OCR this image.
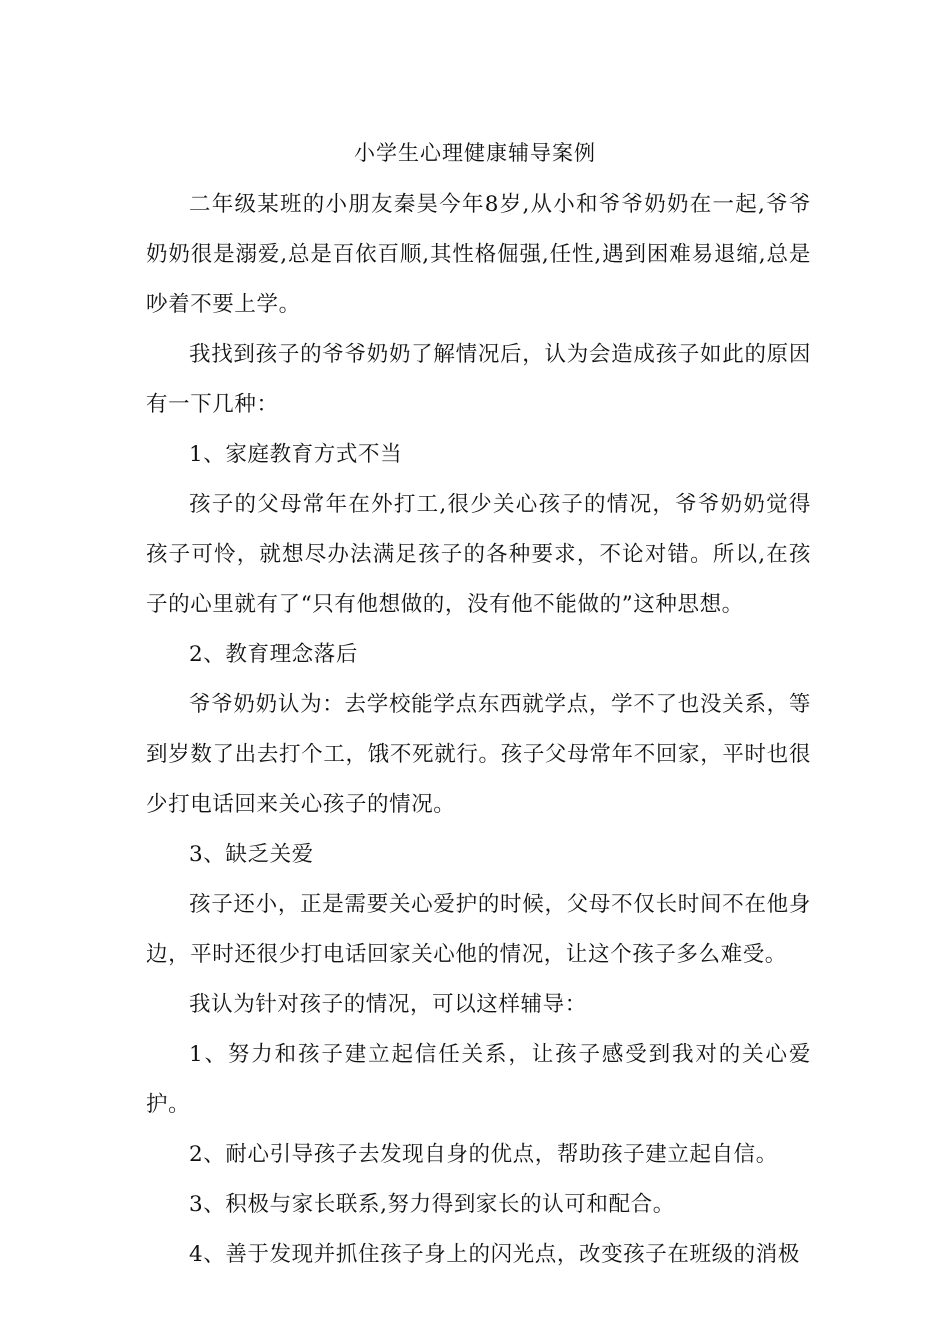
小学生心理健康辅导案例

二年级某班的小朋友秦昊今年8岁,从小和爷爷奶奶在一起,爷爷奶奶很是溺爱,总是百依百顺,其性格倔强,任性,遇到困难易退缩,总是吵着不要上学。

我找到孩子的爷爷奶奶了解情况后，认为会造成孩子如此的原因有一下几种：

1、家庭教育方式不当

孩子的父母常年在外打工,很少关心孩子的情况，爷爷奶奶觉得孩子可怜，就想尽办法满足孩子的各种要求，不论对错。所以,在孩子的心里就有了“只有他想做的，没有他不能做的”这种思想。

2、教育理念落后

爷爷奶奶认为：去学校能学点东西就学点，学不了也没关系，等到岁数了出去打个工，饿不死就行。孩子父母常年不回家，平时也很少打电话回来关心孩子的情况。

3、缺乏关爱

孩子还小，正是需要关心爱护的时候，父母不仅长时间不在他身边，平时还很少打电话回家关心他的情况，让这个孩子多么难受。

我认为针对孩子的情况，可以这样辅导：

1、努力和孩子建立起信任关系，让孩子感受到我对的关心爱护。

2、耐心引导孩子去发现自身的优点，帮助孩子建立起自信。

3、积极与家长联系,努力得到家长的认可和配合。

4、善于发现并抓住孩子身上的闪光点，改变孩子在班级的消极
